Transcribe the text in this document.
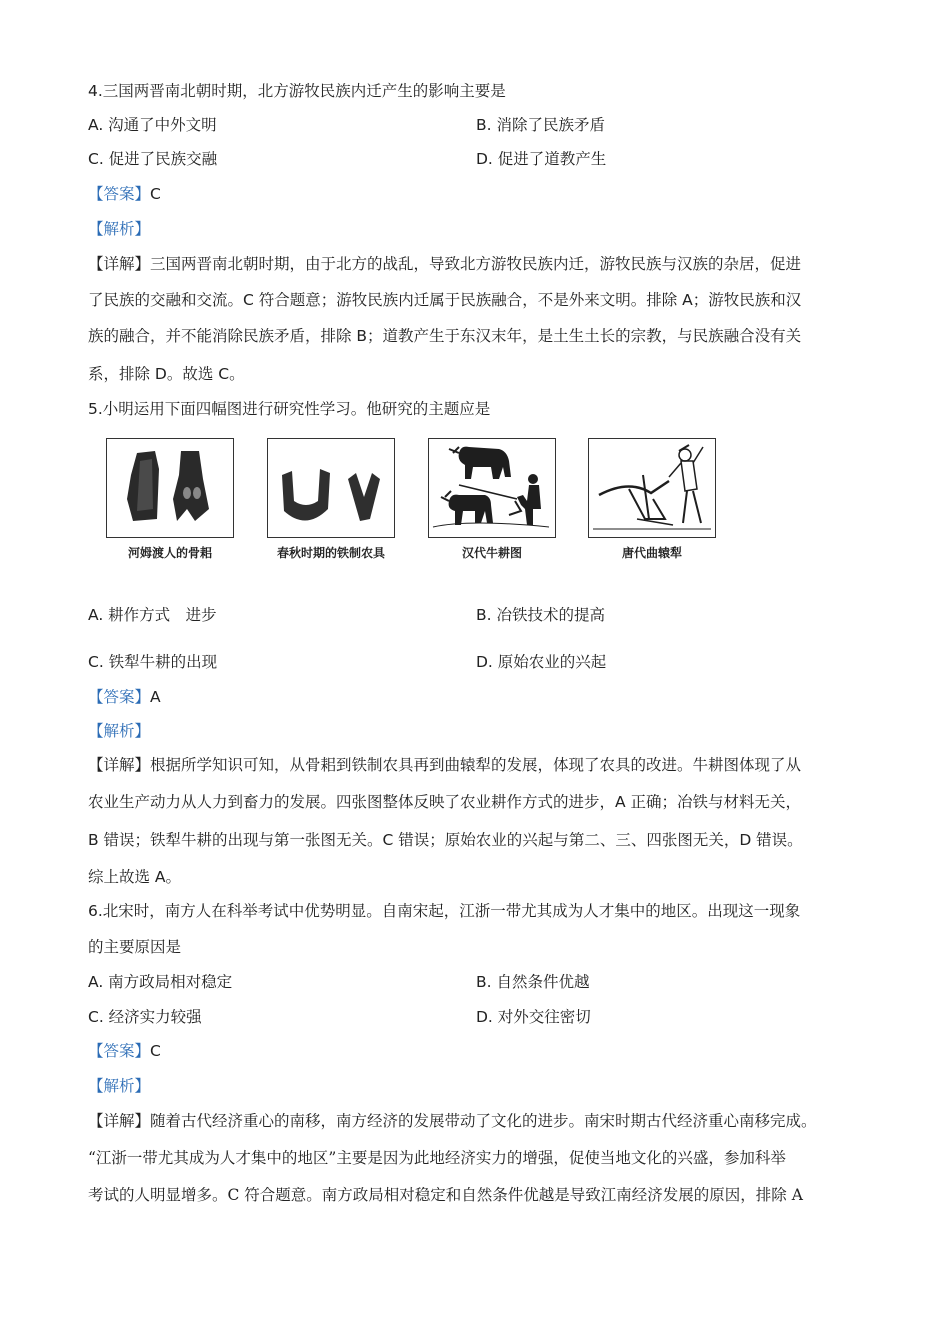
4.三国两晋南北朝时期，北方游牧民族内迁产生的影响主要是
A. 沟通了中外文明	B. 消除了民族矛盾
C. 促进了民族交融	D. 促进了道教产生
【答案】C
【解析】
【详解】三国两晋南北朝时期，由于北方的战乱，导致北方游牧民族内迁，游牧民族与汉族的杂居，促进
了民族的交融和交流。C 符合题意；游牧民族内迁属于民族融合，不是外来文明。排除 A；游牧民族和汉
族的融合，并不能消除民族矛盾，排除 B；道教产生于东汉末年，是土生土长的宗教，与民族融合没有关
系，排除 D。故选 C。
5.小明运用下面四幅图进行研究性学习。他研究的主题应是
河姆渡人的骨耜	春秋时期的铁制农具	汉代牛耕图	唐代曲辕犁
A. 耕作方式　进步	B. 冶铁技术的提高
C. 铁犁牛耕的出现	D. 原始农业的兴起
【答案】A
【解析】
【详解】根据所学知识可知，从骨耜到铁制农具再到曲辕犁的发展，体现了农具的改进。牛耕图体现了从
农业生产动力从人力到畜力的发展。四张图整体反映了农业耕作方式的进步，A 正确；冶铁与材料无关，
B 错误；铁犁牛耕的出现与第一张图无关。C 错误；原始农业的兴起与第二、三、四张图无关，D 错误。
综上故选 A。
6.北宋时，南方人在科举考试中优势明显。自南宋起，江浙一带尤其成为人才集中的地区。出现这一现象
的主要原因是
A. 南方政局相对稳定	B. 自然条件优越
C. 经济实力较强	D. 对外交往密切
【答案】C
【解析】
【详解】随着古代经济重心的南移，南方经济的发展带动了文化的进步。南宋时期古代经济重心南移完成。
“江浙一带尤其成为人才集中的地区”主要是因为此地经济实力的增强，促使当地文化的兴盛，参加科举
考试的人明显增多。C 符合题意。南方政局相对稳定和自然条件优越是导致江南经济发展的原因，排除 A
